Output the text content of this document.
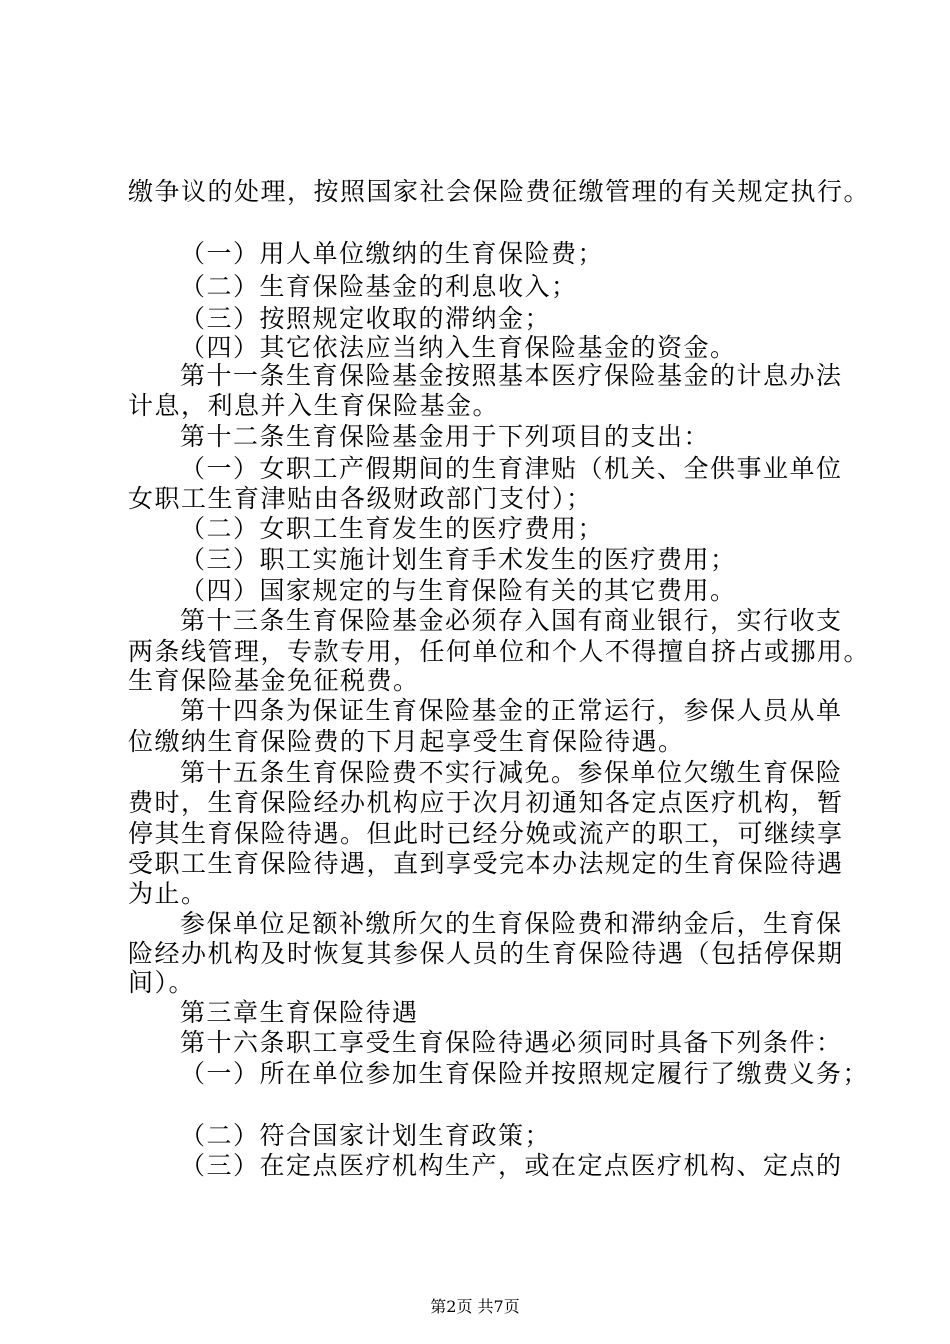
缴争议的处理，按照国家社会保险费征缴管理的有关规定执行。
（一）用人单位缴纳的生育保险费；
（二）生育保险基金的利息收入；
（三）按照规定收取的滞纳金；
（四）其它依法应当纳入生育保险基金的资金。
第十一条生育保险基金按照基本医疗保险基金的计息办法
计息，利息并入生育保险基金。
第十二条生育保险基金用于下列项目的支出：
（一）女职工产假期间的生育津贴（机关、全供事业单位
女职工生育津贴由各级财政部门支付）；
（二）女职工生育发生的医疗费用；
（三）职工实施计划生育手术发生的医疗费用；
（四）国家规定的与生育保险有关的其它费用。
第十三条生育保险基金必须存入国有商业银行，实行收支
两条线管理，专款专用，任何单位和个人不得擅自挤占或挪用。
生育保险基金免征税费。
第十四条为保证生育保险基金的正常运行，参保人员从单
位缴纳生育保险费的下月起享受生育保险待遇。
第十五条生育保险费不实行减免。参保单位欠缴生育保险
费时，生育保险经办机构应于次月初通知各定点医疗机构，暂
停其生育保险待遇。但此时已经分娩或流产的职工，可继续享
受职工生育保险待遇，直到享受完本办法规定的生育保险待遇
为止。
参保单位足额补缴所欠的生育保险费和滞纳金后，生育保
险经办机构及时恢复其参保人员的生育保险待遇（包括停保期
间）。
第三章生育保险待遇
第十六条职工享受生育保险待遇必须同时具备下列条件：
（一）所在单位参加生育保险并按照规定履行了缴费义务；
（二）符合国家计划生育政策；
（三）在定点医疗机构生产，或在定点医疗机构、定点的
第2页 共7页
